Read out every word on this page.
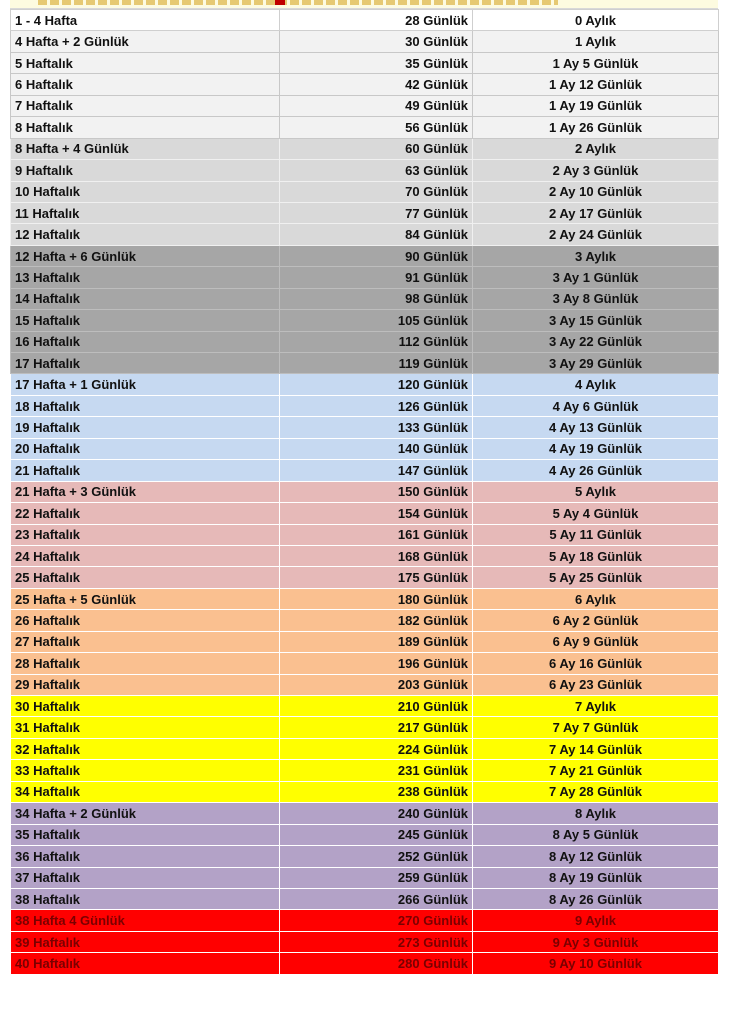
1 - 4 Hafta	28 Günlük	0 Aylık
4 Hafta + 2 Günlük	30 Günlük	1 Aylık
5 Haftalık	35 Günlük	1 Ay 5 Günlük
6 Haftalık	42 Günlük	1 Ay 12 Günlük
7 Haftalık	49 Günlük	1 Ay 19 Günlük
8 Haftalık	56 Günlük	1 Ay 26 Günlük
8 Hafta + 4 Günlük	60 Günlük	2 Aylık
9 Haftalık	63 Günlük	2 Ay 3 Günlük
10 Haftalık	70 Günlük	2 Ay 10 Günlük
11 Haftalık	77 Günlük	2 Ay 17 Günlük
12 Haftalık	84 Günlük	2 Ay 24 Günlük
12 Hafta + 6 Günlük	90 Günlük	3 Aylık
13 Haftalık	91 Günlük	3 Ay 1 Günlük
14 Haftalık	98 Günlük	3 Ay 8 Günlük
15 Haftalık	105 Günlük	3 Ay 15 Günlük
16 Haftalık	112 Günlük	3 Ay 22 Günlük
17 Haftalık	119 Günlük	3 Ay 29 Günlük
17 Hafta + 1 Günlük	120 Günlük	4 Aylık
18 Haftalık	126 Günlük	4 Ay 6 Günlük
19 Haftalık	133 Günlük	4 Ay 13 Günlük
20 Haftalık	140 Günlük	4 Ay 19 Günlük
21 Haftalık	147 Günlük	4 Ay 26 Günlük
21 Hafta + 3 Günlük	150 Günlük	5 Aylık
22 Haftalık	154 Günlük	5 Ay 4 Günlük
23 Haftalık	161 Günlük	5 Ay 11 Günlük
24 Haftalık	168 Günlük	5 Ay 18 Günlük
25 Haftalık	175 Günlük	5 Ay 25 Günlük
25 Hafta + 5 Günlük	180 Günlük	6 Aylık
26 Haftalık	182 Günlük	6 Ay 2 Günlük
27 Haftalık	189 Günlük	6 Ay 9 Günlük
28 Haftalık	196 Günlük	6 Ay 16 Günlük
29 Haftalık	203 Günlük	6 Ay 23 Günlük
30 Haftalık	210 Günlük	7 Aylık
31 Haftalık	217 Günlük	7 Ay 7 Günlük
32 Haftalık	224 Günlük	7 Ay 14 Günlük
33 Haftalık	231 Günlük	7 Ay 21 Günlük
34 Haftalık	238 Günlük	7 Ay 28 Günlük
34 Hafta + 2 Günlük	240 Günlük	8 Aylık
35 Haftalık	245 Günlük	8 Ay 5 Günlük
36 Haftalık	252 Günlük	8 Ay 12 Günlük
37 Haftalık	259 Günlük	8 Ay 19 Günlük
38 Haftalık	266 Günlük	8 Ay 26 Günlük
38 Hafta 4 Günlük	270 Günlük	9 Aylık
39 Haftalık	273 Günlük	9 Ay 3 Günlük
40 Haftalık	280 Günlük	9 Ay 10 Günlük
